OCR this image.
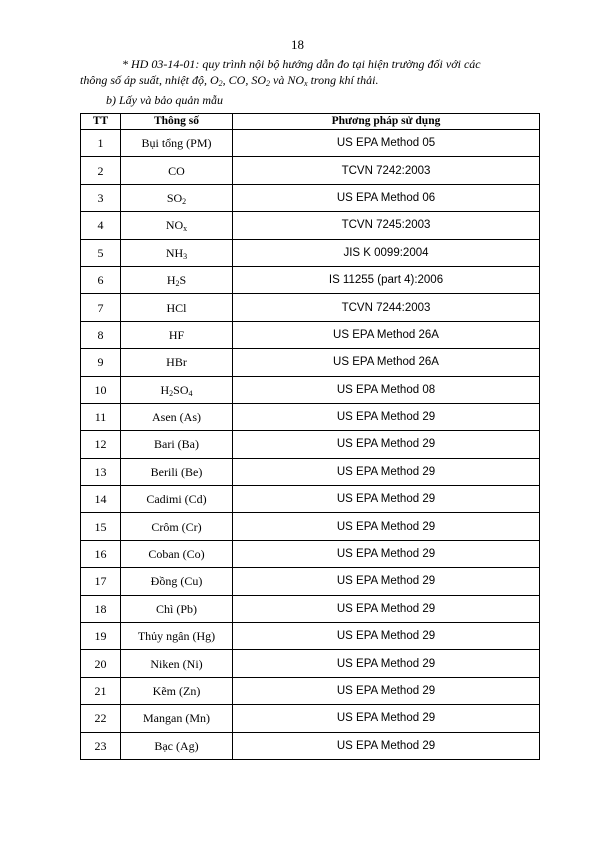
18
* HD 03-14-01: quy trình nội bộ hướng dẫn đo tại hiện trường đối với các
thông số áp suất, nhiệt độ, $O_2$, CO, $SO_2$ và $NO_x$ trong khí thải.
b) Lấy và bảo quản mẫu
TT	Thông số	Phương pháp sử dụng
1	Bụi tổng (PM)	US EPA Method 05
2	CO	TCVN 7242:2003
3	$SO_2$	US EPA Method 06
4	$NO_x$	TCVN 7245:2003
5	$NH_3$	JIS K 0099:2004
6	$H_2S$	IS 11255 (part 4):2006
7	HCl	TCVN 7244:2003
8	HF	US EPA Method 26A
9	HBr	US EPA Method 26A
10	$H_2SO_4$	US EPA Method 08
11	Asen (As)	US EPA Method 29
12	Bari (Ba)	US EPA Method 29
13	Berili (Be)	US EPA Method 29
14	Cadimi (Cd)	US EPA Method 29
15	Crôm (Cr)	US EPA Method 29
16	Coban (Co)	US EPA Method 29
17	Đồng (Cu)	US EPA Method 29
18	Chì (Pb)	US EPA Method 29
19	Thủy ngân (Hg)	US EPA Method 29
20	Niken (Ni)	US EPA Method 29
21	Kẽm (Zn)	US EPA Method 29
22	Mangan (Mn)	US EPA Method 29
23	Bạc (Ag)	US EPA Method 29
